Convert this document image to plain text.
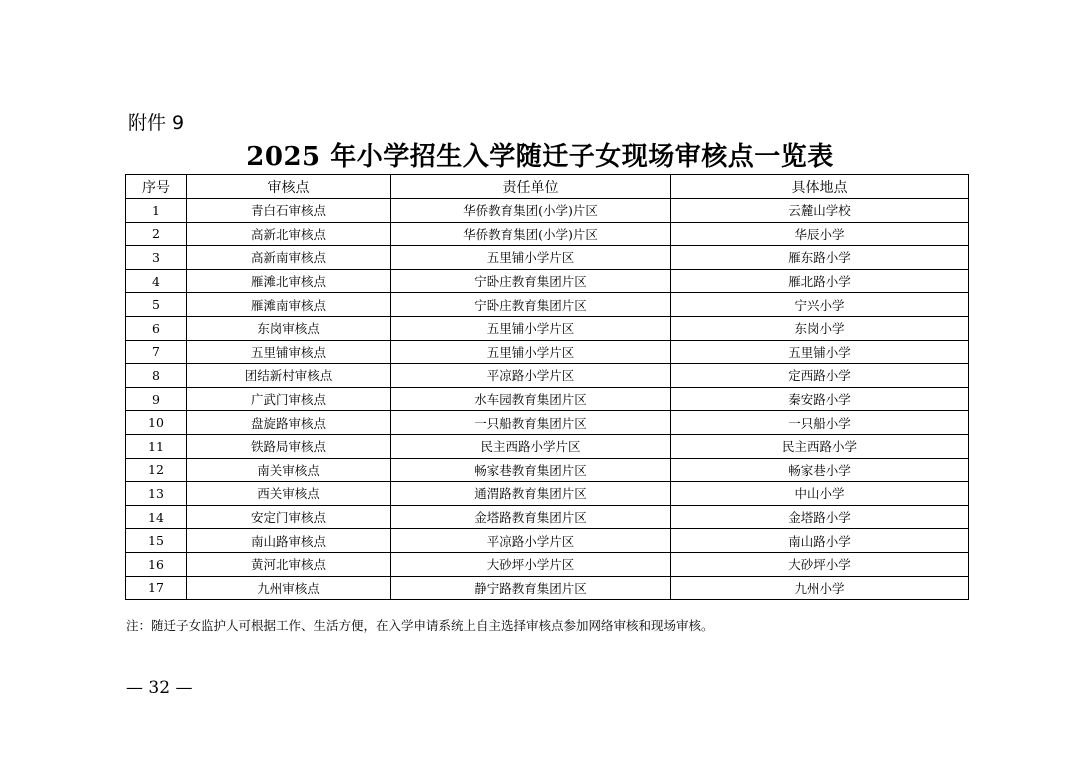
附件 9
2025 年小学招生入学随迁子女现场审核点一览表
序号	审核点	责任单位	具体地点
1	青白石审核点	华侨教育集团(小学)片区	云麓山学校
2	高新北审核点	华侨教育集团(小学)片区	华辰小学
3	高新南审核点	五里铺小学片区	雁东路小学
4	雁滩北审核点	宁卧庄教育集团片区	雁北路小学
5	雁滩南审核点	宁卧庄教育集团片区	宁兴小学
6	东岗审核点	五里铺小学片区	东岗小学
7	五里铺审核点	五里铺小学片区	五里铺小学
8	团结新村审核点	平凉路小学片区	定西路小学
9	广武门审核点	水车园教育集团片区	秦安路小学
10	盘旋路审核点	一只船教育集团片区	一只船小学
11	铁路局审核点	民主西路小学片区	民主西路小学
12	南关审核点	畅家巷教育集团片区	畅家巷小学
13	西关审核点	通渭路教育集团片区	中山小学
14	安定门审核点	金塔路教育集团片区	金塔路小学
15	南山路审核点	平凉路小学片区	南山路小学
16	黄河北审核点	大砂坪小学片区	大砂坪小学
17	九州审核点	静宁路教育集团片区	九州小学
注：随迁子女监护人可根据工作、生活方便，在入学申请系统上自主选择审核点参加网络审核和现场审核。
— 32 —
